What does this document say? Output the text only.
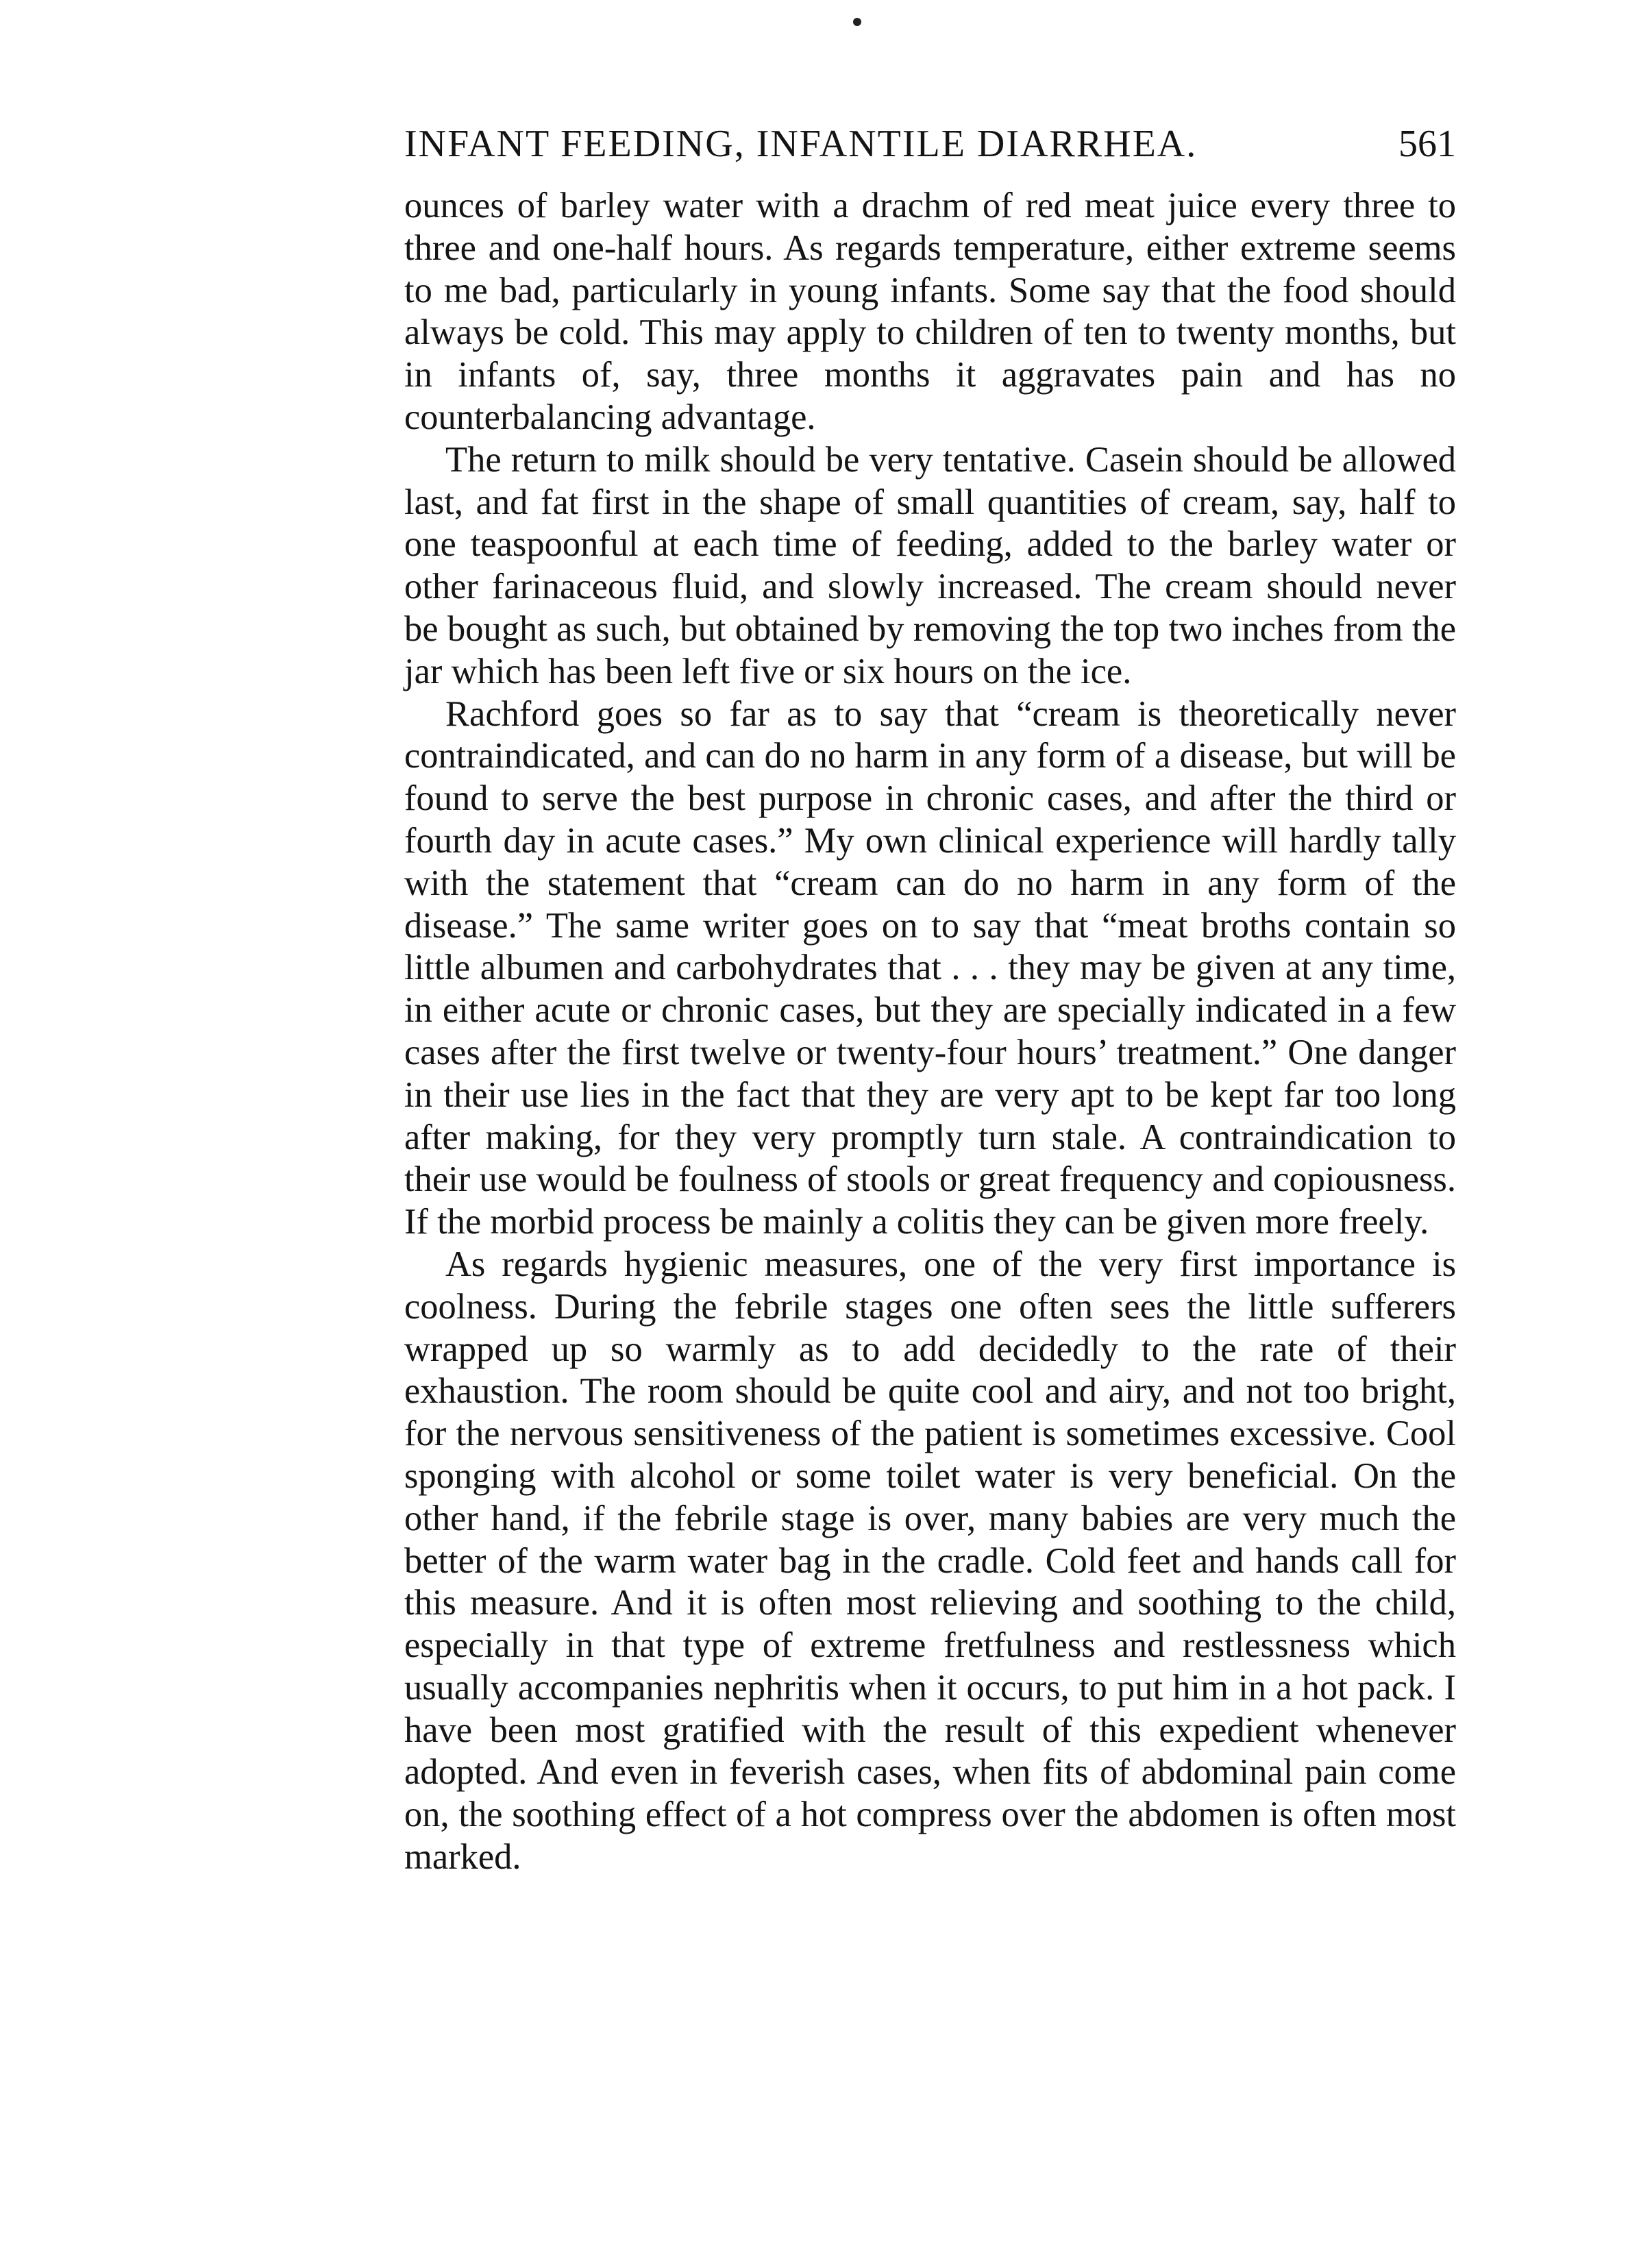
INFANT FEEDING, INFANTILE DIARRHEA.	561

ounces of barley water with a drachm of red meat juice every three to three and one-half hours. As regards temperature, either extreme seems to me bad, particularly in young infants. Some say that the food should always be cold. This may apply to children of ten to twenty months, but in infants of, say, three months it aggravates pain and has no counterbalancing advantage.

The return to milk should be very tentative. Casein should be allowed last, and fat first in the shape of small quantities of cream, say, half to one teaspoonful at each time of feeding, added to the barley water or other farinaceous fluid, and slowly increased. The cream should never be bought as such, but obtained by removing the top two inches from the jar which has been left five or six hours on the ice.

Rachford goes so far as to say that “cream is theoretically never contraindicated, and can do no harm in any form of a disease, but will be found to serve the best purpose in chronic cases, and after the third or fourth day in acute cases.” My own clinical experience will hardly tally with the statement that “cream can do no harm in any form of the disease.” The same writer goes on to say that “meat broths contain so little albumen and carbohydrates that . . . they may be given at any time, in either acute or chronic cases, but they are specially indicated in a few cases after the first twelve or twenty-four hours’ treatment.” One danger in their use lies in the fact that they are very apt to be kept far too long after making, for they very promptly turn stale. A contraindication to their use would be foulness of stools or great frequency and copiousness. If the morbid process be mainly a colitis they can be given more freely.

As regards hygienic measures, one of the very first importance is coolness. During the febrile stages one often sees the little sufferers wrapped up so warmly as to add decidedly to the rate of their exhaustion. The room should be quite cool and airy, and not too bright, for the nervous sensitiveness of the patient is sometimes excessive. Cool sponging with alcohol or some toilet water is very beneficial. On the other hand, if the febrile stage is over, many babies are very much the better of the warm water bag in the cradle. Cold feet and hands call for this measure. And it is often most relieving and soothing to the child, especially in that type of extreme fretfulness and restlessness which usually accompanies nephritis when it occurs, to put him in a hot pack. I have been most gratified with the result of this expedient whenever adopted. And even in feverish cases, when fits of abdominal pain come on, the soothing effect of a hot compress over the abdomen is often most marked.
